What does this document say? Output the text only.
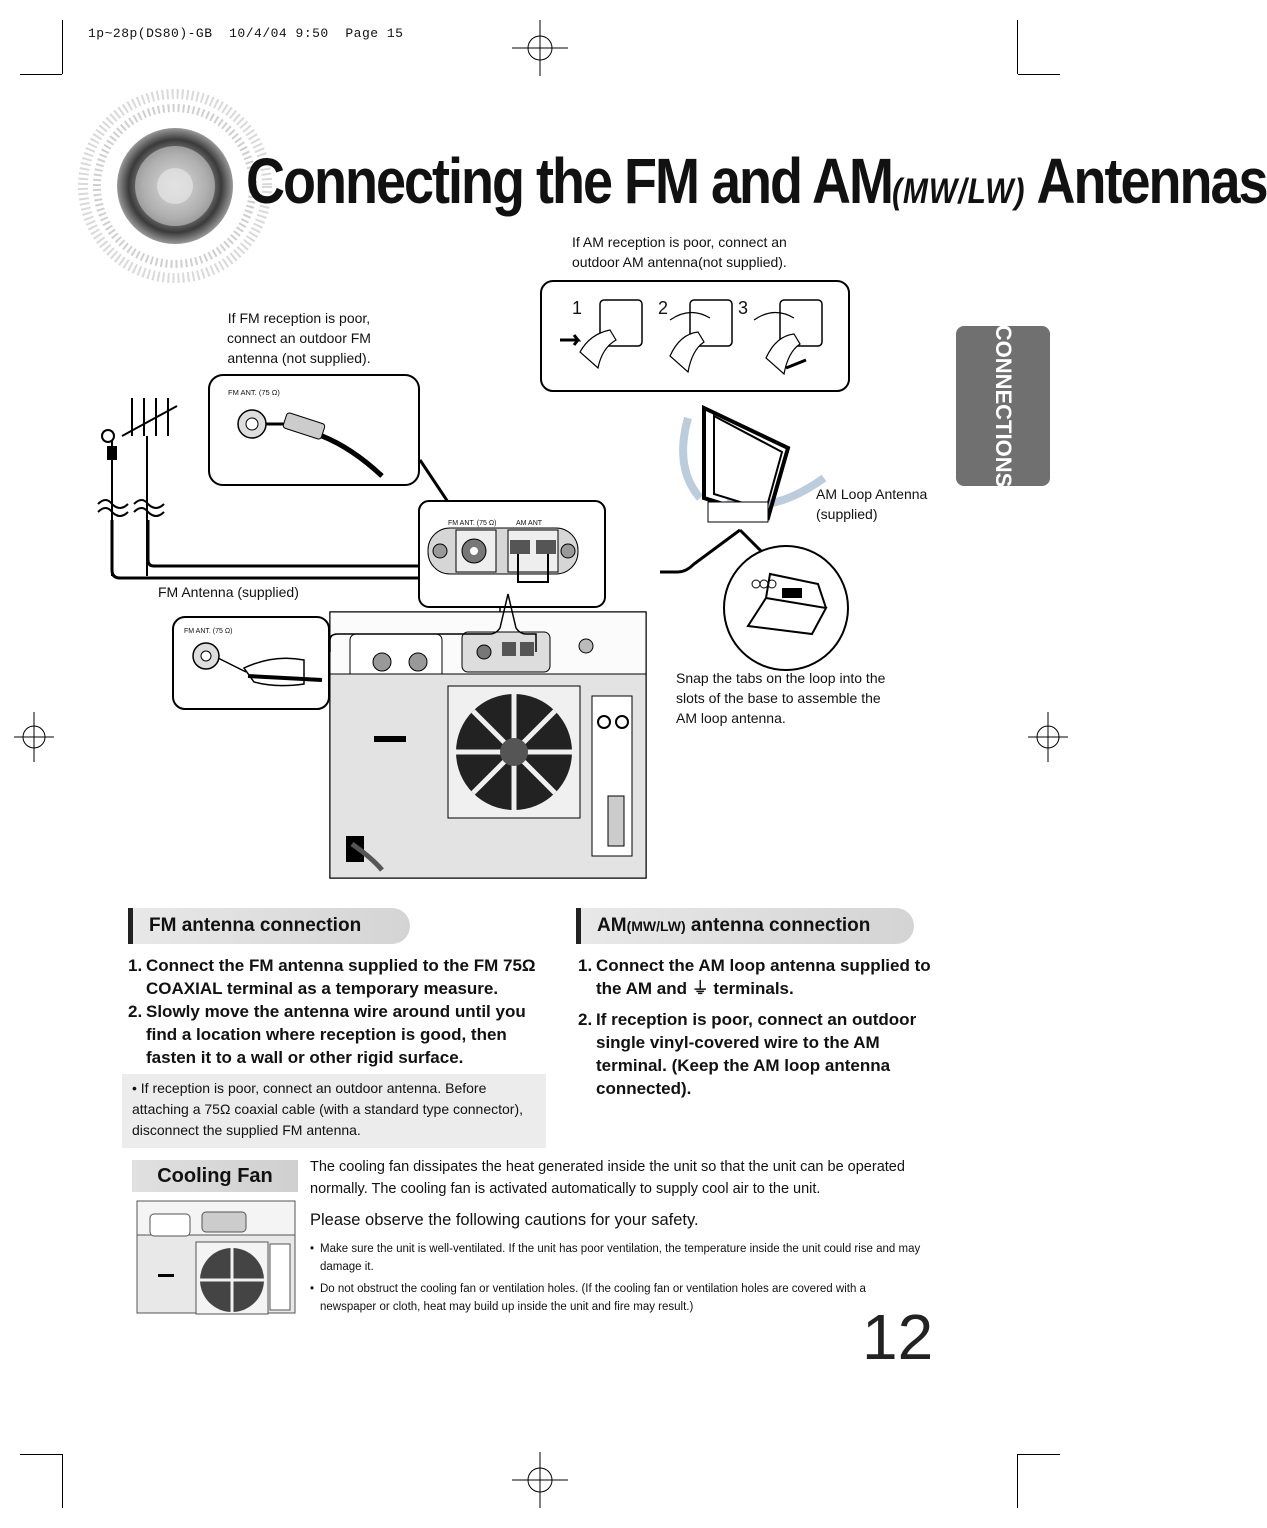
1p~28p(DS80)-GB  10/4/04 9:50  Page 15
Connecting the FM and AM(MW/LW) Antennas
CONNECTIONS
If AM reception is poor, connect an
outdoor AM antenna(not supplied).
1	2	3
If FM reception is poor,
connect an outdoor FM
antenna (not supplied).
FM ANT. (75 Ω)
FM ANT. (75 Ω)	AM ANT
AM Loop Antenna
(supplied)
FM Antenna (supplied)
FM ANT. (75 Ω)
Snap the tabs on the loop into the
slots of the base to assemble the
AM loop antenna.
FM antenna connection
1. Connect the FM antenna supplied to the FM 75Ω COAXIAL terminal as a temporary measure.
2. Slowly move the antenna wire around until you find a location where reception is good, then fasten it to a wall or other rigid surface.
• If reception is poor, connect an outdoor antenna. Before attaching a 75Ω coaxial cable (with a standard type connector), disconnect the supplied FM antenna.
AM(MW/LW) antenna connection
1. Connect the AM loop antenna supplied to the AM and ⏚ terminals.
2. If reception is poor, connect an outdoor single vinyl-covered wire to the AM terminal. (Keep the AM loop antenna connected).
Cooling Fan	The cooling fan dissipates the heat generated inside the unit so that the unit can be operated normally. The cooling fan is activated automatically to supply cool air to the unit.
Please observe the following cautions for your safety.
• Make sure the unit is well-ventilated. If the unit has poor ventilation, the temperature inside the unit could rise and may damage it.
• Do not obstruct the cooling fan or ventilation holes. (If the cooling fan or ventilation holes are covered with a newspaper or cloth, heat may build up inside the unit and fire may result.)	12
